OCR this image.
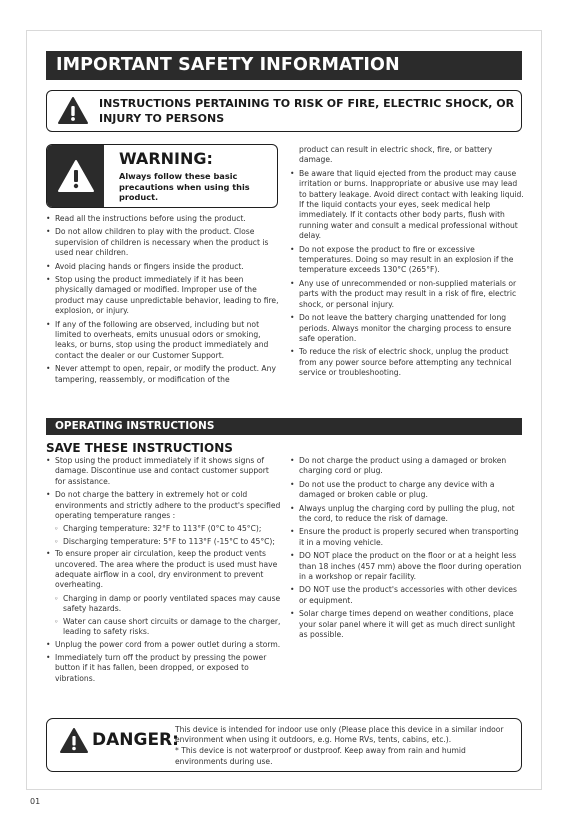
IMPORTANT SAFETY INFORMATION
INSTRUCTIONS PERTAINING TO RISK OF FIRE, ELECTRIC SHOCK, OR
INJURY TO PERSONS
WARNING:
Always follow these basic precautions when using this product.

• Read all the instructions before using the product.

• Do not allow children to play with the product. Close supervision of children is necessary when the product is used near children.

• Avoid placing hands or fingers inside the product.

• Stop using the product immediately if it has been physically damaged or modified. Improper use of the product may cause unpredictable behavior, leading to fire, explosion, or injury.

• If any of the following are observed, including but not limited to overheats, emits unusual odors or smoking, leaks, or burns, stop using the product immediately and contact the dealer or our Customer Support.

• Never attempt to open, repair, or modify the product. Any tampering, reassembly, or modification of the

product can result in electric shock, fire, or battery damage.

• Be aware that liquid ejected from the product may cause irritation or burns. Inappropriate or abusive use may lead to battery leakage. Avoid direct contact with leaking liquid. If the liquid contacts your eyes, seek medical help immediately. If it contacts other body parts, flush with running water and consult a medical professional without delay.

• Do not expose the product to fire or excessive temperatures. Doing so may result in an explosion if the temperature exceeds 130°C (265°F).

• Any use of unrecommended or non-supplied materials or parts with the product may result in a risk of fire, electric shock, or personal injury.

• Do not leave the battery charging unattended for long periods. Always monitor the charging process to ensure safe operation.

• To reduce the risk of electric shock, unplug the product from any power source before attempting any technical service or troubleshooting.

OPERATING INSTRUCTIONS
SAVE THESE INSTRUCTIONS

• Stop using the product immediately if it shows signs of damage. Discontinue use and contact customer support for assistance.

• Do not charge the battery in extremely hot or cold environments and strictly adhere to the product's specified operating temperature ranges :

◦ Charging temperature: 32°F to 113°F (0°C to 45°C);

◦ Discharging temperature: 5°F to 113°F (-15°C to 45°C);

• To ensure proper air circulation, keep the product vents uncovered. The area where the product is used must have adequate airflow in a cool, dry environment to prevent overheating.

◦ Charging in damp or poorly ventilated spaces may cause safety hazards.

◦ Water can cause short circuits or damage to the charger, leading to safety risks.

• Unplug the power cord from a power outlet during a storm.

• Immediately turn off the product by pressing the power button if it has fallen, been dropped, or exposed to vibrations.

• Do not charge the product using a damaged or broken charging cord or plug.

• Do not use the product to charge any device with a damaged or broken cable or plug.

• Always unplug the charging cord by pulling the plug, not the cord, to reduce the risk of damage.

• Ensure the product is properly secured when transporting it in a moving vehicle.

• DO NOT place the product on the floor or at a height less than 18 inches (457 mm) above the floor during operation in a workshop or repair facility.

• DO NOT use the product's accessories with other devices or equipment.

• Solar charge times depend on weather conditions, place your solar panel where it will get as much direct sunlight as possible.

DANGER:
This device is intended for indoor use only (Please place this device in a similar indoor environment when using it outdoors, e.g. Home RVs, tents, cabins, etc.).
* This device is not waterproof or dustproof. Keep away from rain and humid environments during use.
01
